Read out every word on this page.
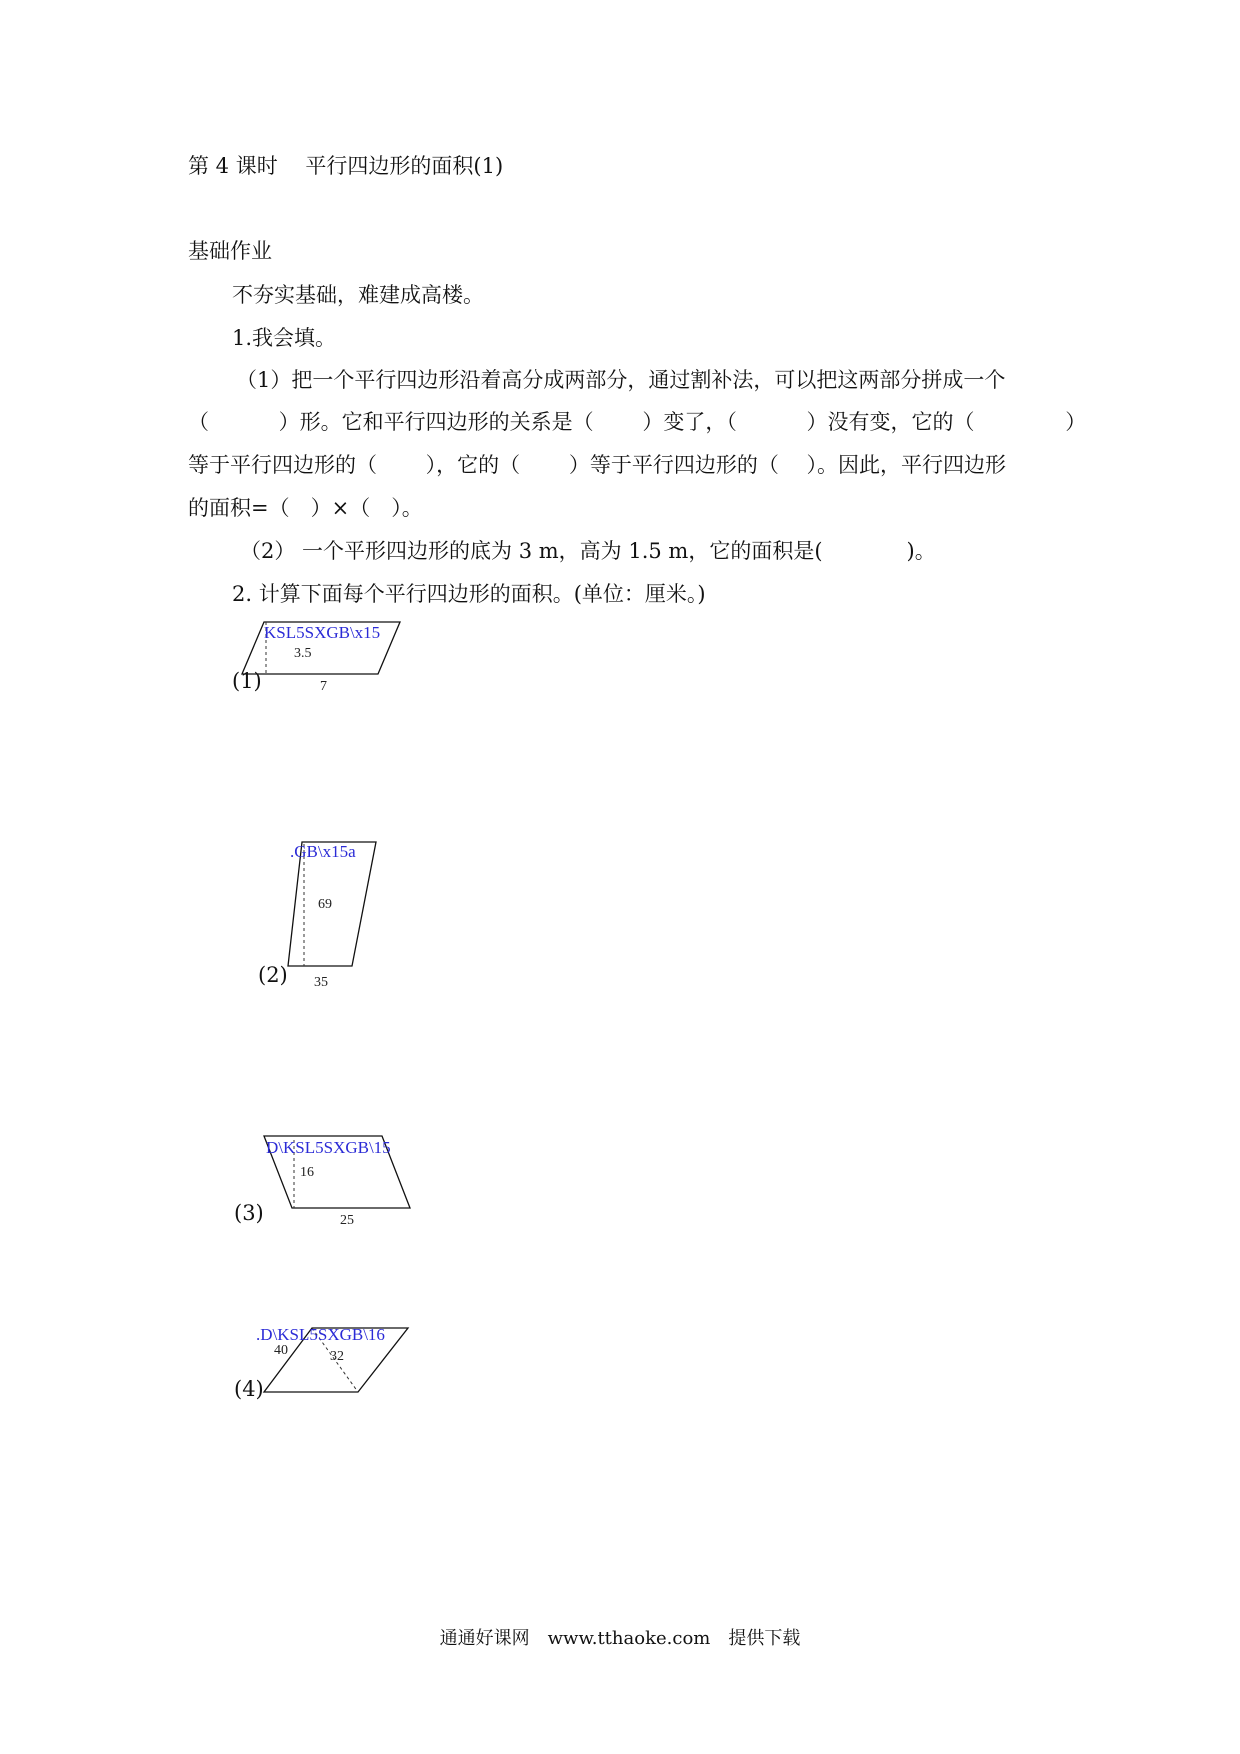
第 4 课时　 平行四边形的面积(1)
基础作业
不夯实基础，难建成高楼。
1.我会填。
（1）把一个平行四边形沿着高分成两部分，通过割补法，可以把这两部分拼成一个
（　　　 ）形。它和平行四边形的关系是（　　 ）变了，（　　　 ）没有变，它的（　　　　 ）
等于平行四边形的（　　 ），它的（　　 ）等于平行四边形的（　 ）。因此，平行四边形
的面积=（　）×（　）。
（2） 一个平形四边形的底为 3 m，高为 1.5 m，它的面积是(　　　　)。
2. 计算下面每个平行四边形的面积。(单位：厘米。)
KSL5SXGB\x15
3.5
7
(1)
.GB\x15a
69
35
(2)
D\KSL5SXGB\15
16
25
(3)
.D\KSL5SXGB\16
40	32
(4)
通通好课网　www.tthaoke.com　提供下载
